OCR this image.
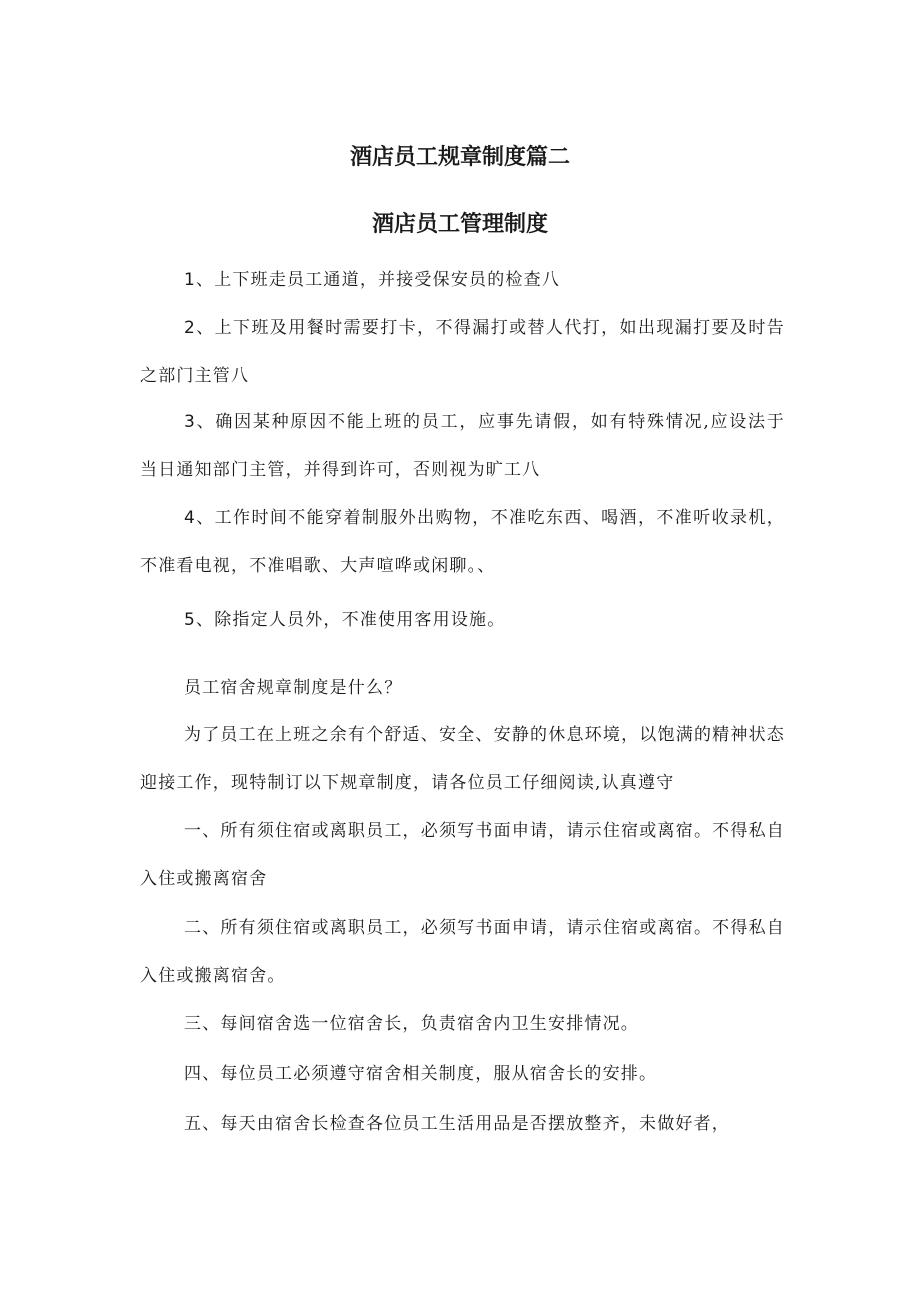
酒店员工规章制度篇二
酒店员工管理制度
1、上下班走员工通道，并接受保安员的检查八
2、上下班及用餐时需要打卡，不得漏打或替人代打，如出现漏打要及时告之部门主管八
3、确因某种原因不能上班的员工，应事先请假，如有特殊情况,应设法于当日通知部门主管，并得到许可，否则视为旷工八
4、工作时间不能穿着制服外出购物，不准吃东西、喝酒，不准听收录机，不准看电视，不准唱歌、大声喧哗或闲聊。、
5、除指定人员外，不准使用客用设施。
员工宿舍规章制度是什么？
为了员工在上班之余有个舒适、安全、安静的休息环境，以饱满的精神状态迎接工作，现特制订以下规章制度，请各位员工仔细阅读,认真遵守
一、所有须住宿或离职员工，必须写书面申请，请示住宿或离宿。不得私自入住或搬离宿舍
二、所有须住宿或离职员工，必须写书面申请，请示住宿或离宿。不得私自入住或搬离宿舍。
三、每间宿舍选一位宿舍长，负责宿舍内卫生安排情况。
四、每位员工必须遵守宿舍相关制度，服从宿舍长的安排。
五、每天由宿舍长检查各位员工生活用品是否摆放整齐，未做好者，
